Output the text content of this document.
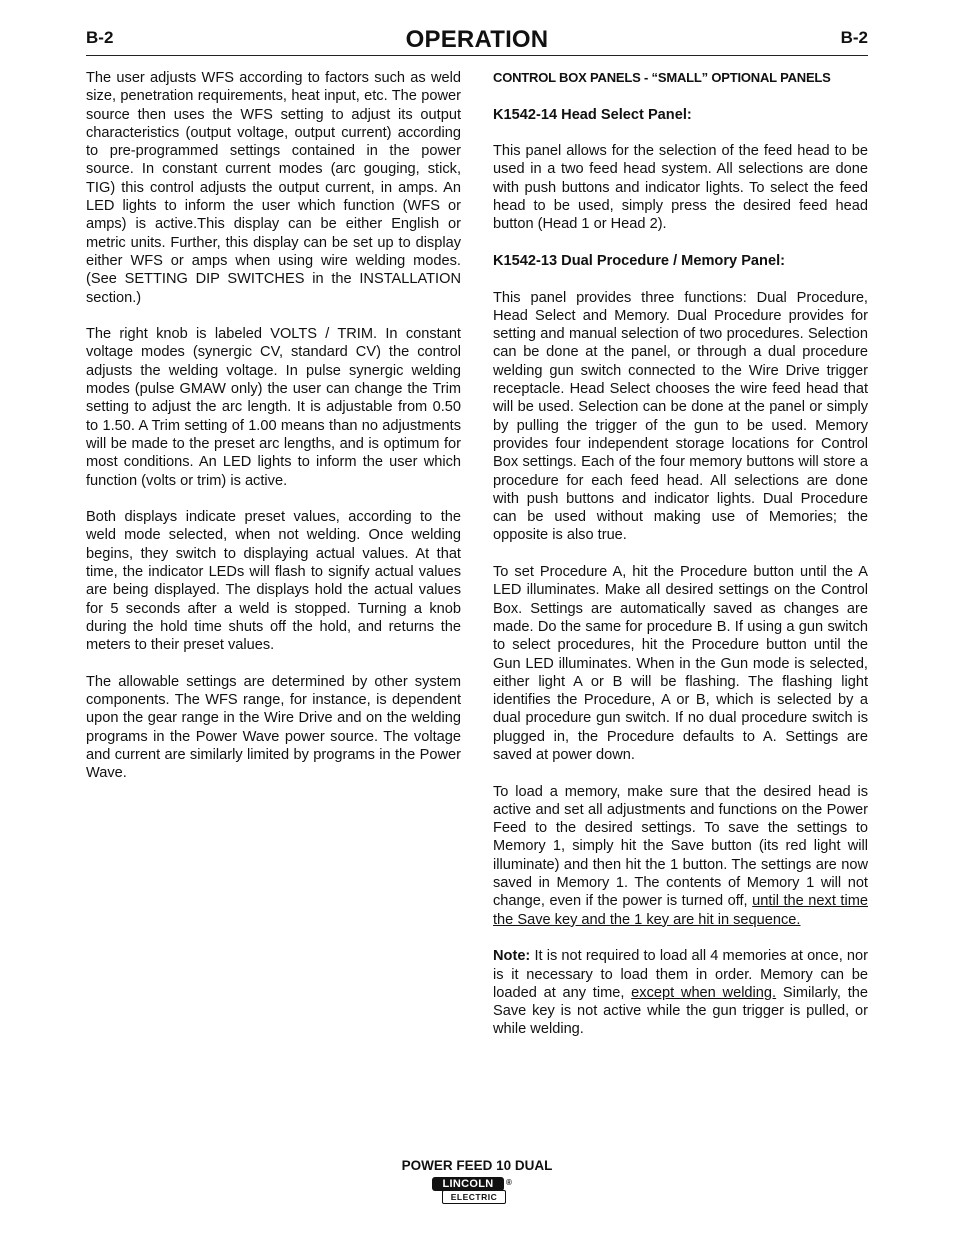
B-2	OPERATION	B-2

The user adjusts WFS according to factors such as weld size, penetration requirements, heat input, etc. The power source then uses the WFS setting to adjust its output characteristics (output voltage, output current) according to pre-programmed settings contained in the power source. In constant current modes (arc gouging, stick, TIG) this control adjusts the output current, in amps. An LED lights to inform the user which function (WFS or amps) is active.This display can be either English or metric units. Further, this display can be set up to display either WFS or amps when using wire welding modes. (See SETTING DIP SWITCHES in the INSTALLATION section.)

The right knob is labeled VOLTS / TRIM. In constant voltage modes (synergic CV, standard CV) the control adjusts the welding voltage. In pulse synergic welding modes (pulse GMAW only) the user can change the Trim setting to adjust the arc length. It is adjustable from 0.50 to 1.50. A Trim setting of 1.00 means than no adjustments will be made to the preset arc lengths, and is optimum for most conditions. An LED lights to inform the user which function (volts or trim) is active.

Both displays indicate preset values, according to the weld mode selected, when not welding. Once welding begins, they switch to displaying actual values. At that time, the indicator LEDs will flash to signify actual values are being displayed. The displays hold the actual values for 5 seconds after a weld is stopped. Turning a knob during the hold time shuts off the hold, and returns the meters to their preset values.

The allowable settings are determined by other system components. The WFS range, for instance, is dependent upon the gear range in the Wire Drive and on the welding programs in the Power Wave power source. The voltage and current are similarly limited by programs in the Power Wave.

CONTROL BOX PANELS - “SMALL” OPTIONAL PANELS

K1542-14 Head Select Panel:

This panel allows for the selection of the feed head to be used in a two feed head system. All selections are done with push buttons and indicator lights. To select the feed head to be used, simply press the desired feed head button (Head 1 or Head 2).

K1542-13 Dual Procedure / Memory Panel:

This panel provides three functions: Dual Procedure, Head Select and Memory. Dual Procedure provides for setting and manual selection of two procedures. Selection can be done at the panel, or through a dual procedure welding gun switch connected to the Wire Drive trigger receptacle. Head Select chooses the wire feed head that will be used. Selection can be done at the panel or simply by pulling the trigger of the gun to be used. Memory provides four independent storage locations for Control Box settings. Each of the four memory buttons will store a procedure for each feed head. All selections are done with push buttons and indicator lights. Dual Procedure can be used without making use of Memories; the opposite is also true.

To set Procedure A, hit the Procedure button until the A LED illuminates. Make all desired settings on the Control Box. Settings are automatically saved as changes are made. Do the same for procedure B. If using a gun switch to select procedures, hit the Procedure button until the Gun LED illuminates. When in the Gun mode is selected, either light A or B will be flashing. The flashing light identifies the Procedure, A or B, which is selected by a dual procedure gun switch. If no dual procedure switch is plugged in, the Procedure defaults to A. Settings are saved at power down.

To load a memory, make sure that the desired head is active and set all adjustments and functions on the Power Feed to the desired settings. To save the settings to Memory 1, simply hit the Save button (its red light will illuminate) and then hit the 1 button. The settings are now saved in Memory 1. The contents of Memory 1 will not change, even if the power is turned off, until the next time the Save key and the 1 key are hit in sequence.

Note: It is not required to load all 4 memories at once, nor is it necessary to load them in order. Memory can be loaded at any time, except when welding. Similarly, the Save key is not active while the gun trigger is pulled, or while welding.

POWER FEED 10 DUAL
LINCOLN
ELECTRIC
®
